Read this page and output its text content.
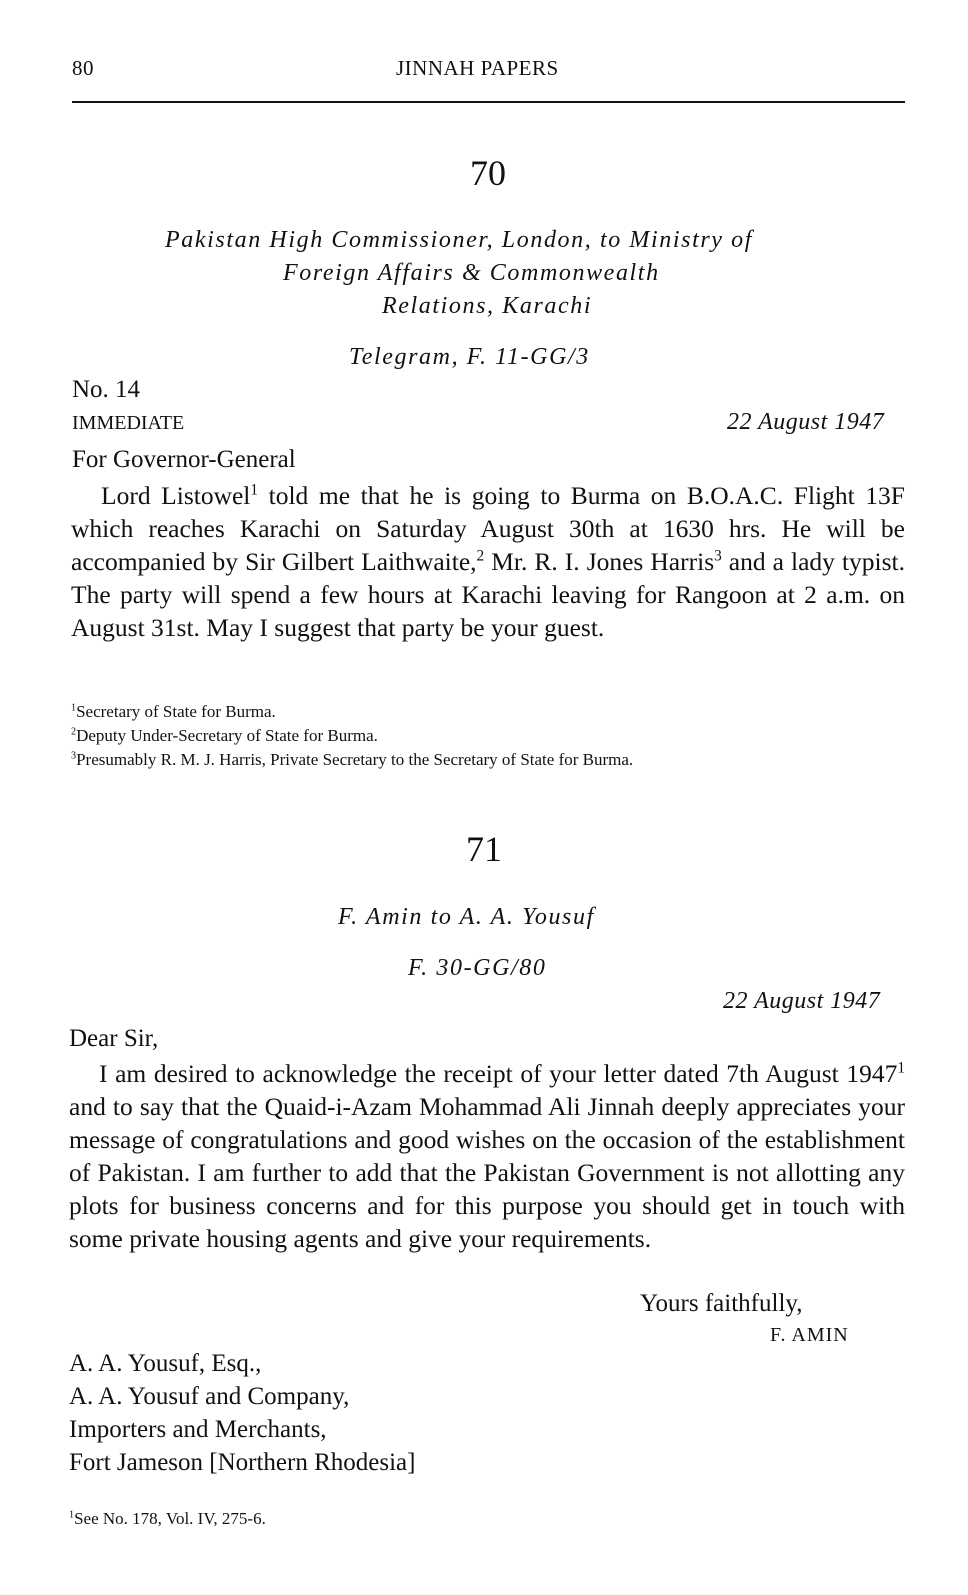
80	JINNAH PAPERS
70
Pakistan High Commissioner, London, to Ministry of
Foreign Affairs & Commonwealth
Relations, Karachi
Telegram, F. 11-GG/3
No. 14
IMMEDIATE	22 August 1947
For Governor-General
Lord Listowel$^1$ told me that he is going to Burma on B.O.A.C. Flight 13F which reaches Karachi on Saturday August 30th at 1630 hrs. He will be accompanied by Sir Gilbert Laithwaite,$^2$ Mr. R. I. Jones Harris$^3$ and a lady typist. The party will spend a few hours at Karachi leaving for Rangoon at 2 a.m. on August 31st. May I suggest that party be your guest.
$^1$Secretary of State for Burma.
$^2$Deputy Under-Secretary of State for Burma.
$^3$Presumably R. M. J. Harris, Private Secretary to the Secretary of State for Burma.
71
F. Amin to A. A. Yousuf
F. 30-GG/80
22 August 1947
Dear Sir,
I am desired to acknowledge the receipt of your letter dated 7th August 1947$^1$ and to say that the Quaid-i-Azam Mohammad Ali Jinnah deeply appreciates your message of congratulations and good wishes on the occasion of the establishment of Pakistan. I am further to add that the Pakistan Government is not allotting any plots for business concerns and for this purpose you should get in touch with some private housing agents and give your requirements.
Yours faithfully,
F. AMIN
A. A. Yousuf, Esq.,
A. A. Yousuf and Company,
Importers and Merchants,
Fort Jameson [Northern Rhodesia]
$^1$See No. 178, Vol. IV, 275-6.
